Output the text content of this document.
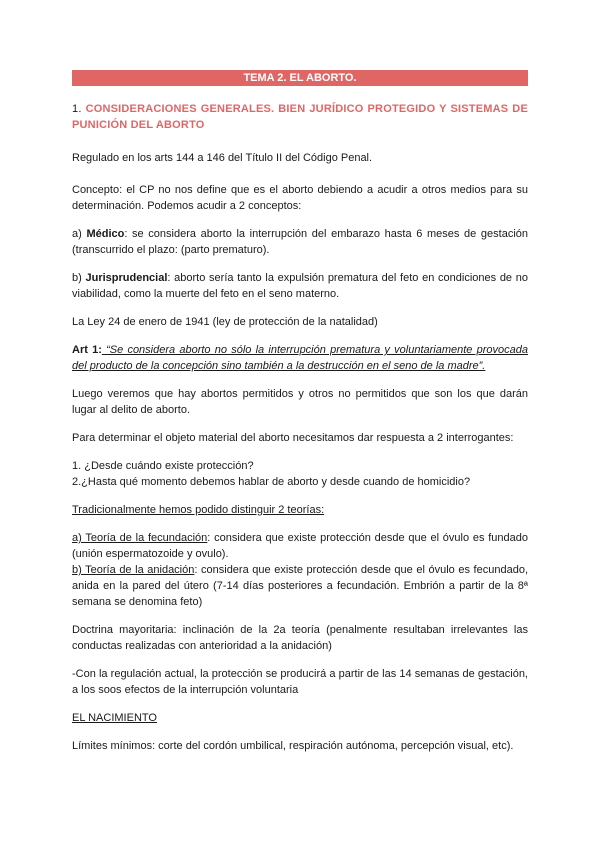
TEMA 2. EL ABORTO.

1. CONSIDERACIONES GENERALES. BIEN JURÍDICO PROTEGIDO Y SISTEMAS DE PUNICIÓN DEL ABORTO

Regulado en los arts 144 a 146 del Título II del Código Penal.

Concepto: el CP no nos define que es el aborto debiendo a acudir a otros medios para su determinación. Podemos acudir a 2 conceptos:

a) Médico: se considera aborto la interrupción del embarazo hasta 6 meses de gestación (transcurrido el plazo: (parto prematuro).

b) Jurisprudencial: aborto sería tanto la expulsión prematura del feto en condiciones de no viabilidad, como la muerte del feto en el seno materno.

La Ley 24 de enero de 1941 (ley de protección de la natalidad)

Art 1: “Se considera aborto no sólo la interrupción prematura y voluntariamente provocada del producto de la concepción sino también a la destrucción en el seno de la madre”.

Luego veremos que hay abortos permitidos y otros no permitidos que son los que darán lugar al delito de aborto.

Para determinar el objeto material del aborto necesitamos dar respuesta a 2 interrogantes:

1. ¿Desde cuándo existe protección?

2.¿Hasta qué momento debemos hablar de aborto y desde cuando de homicidio?

Tradicionalmente hemos podido distinguir 2 teorías:

a) Teoría de la fecundación: considera que existe protección desde que el óvulo es fundado (unión espermatozoide y ovulo).

b) Teoría de la anidación: considera que existe protección desde que el óvulo es fecundado, anida en la pared del útero (7-14 días posteriores a fecundación. Embrión a partir de la 8ª semana se denomina feto)

Doctrina mayoritaria: inclinación de la 2a teoría (penalmente resultaban irrelevantes las conductas realizadas con anterioridad a la anidación)

-Con la regulación actual, la protección se producirá a partir de las 14 semanas de gestación, a los soos efectos de la interrupción voluntaria

EL NACIMIENTO

Límites mínimos: corte del cordón umbilical, respiración autónoma, percepción visual, etc).
